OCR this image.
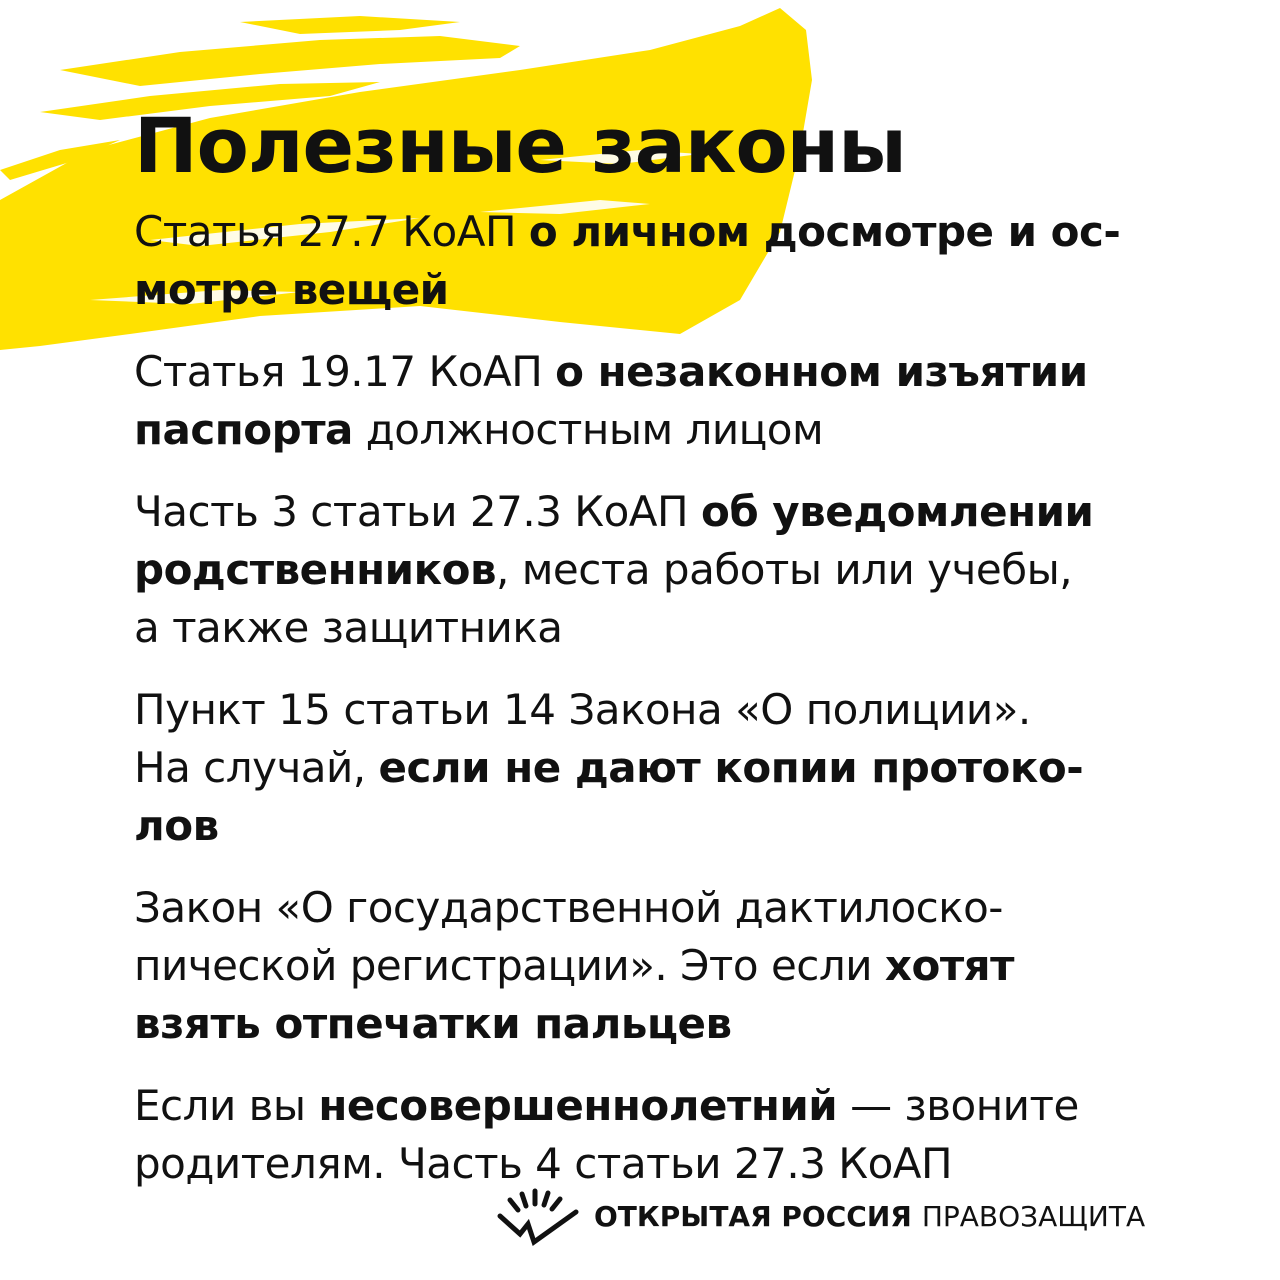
Полезные законы

Статья 27.7 КоАП о личном досмотре и ос-
мотре вещей

Статья 19.17 КоАП о незаконном изъятии
паспорта должностным лицом

Часть 3 статьи 27.3 КоАП об уведомлении
родственников, места работы или учебы,
а также защитника

Пункт 15 статьи 14 Закона «О полиции».
На случай, если не дают копии протоко-
лов

Закон «О государственной дактилоско-
пической регистрации». Это если хотят
взять отпечатки пальцев

Если вы несовершеннолетний — звоните
родителям. Часть 4 статьи 27.3 КоАП

ОТКРЫТАЯ РОССИЯ ПРАВОЗАЩИТА
